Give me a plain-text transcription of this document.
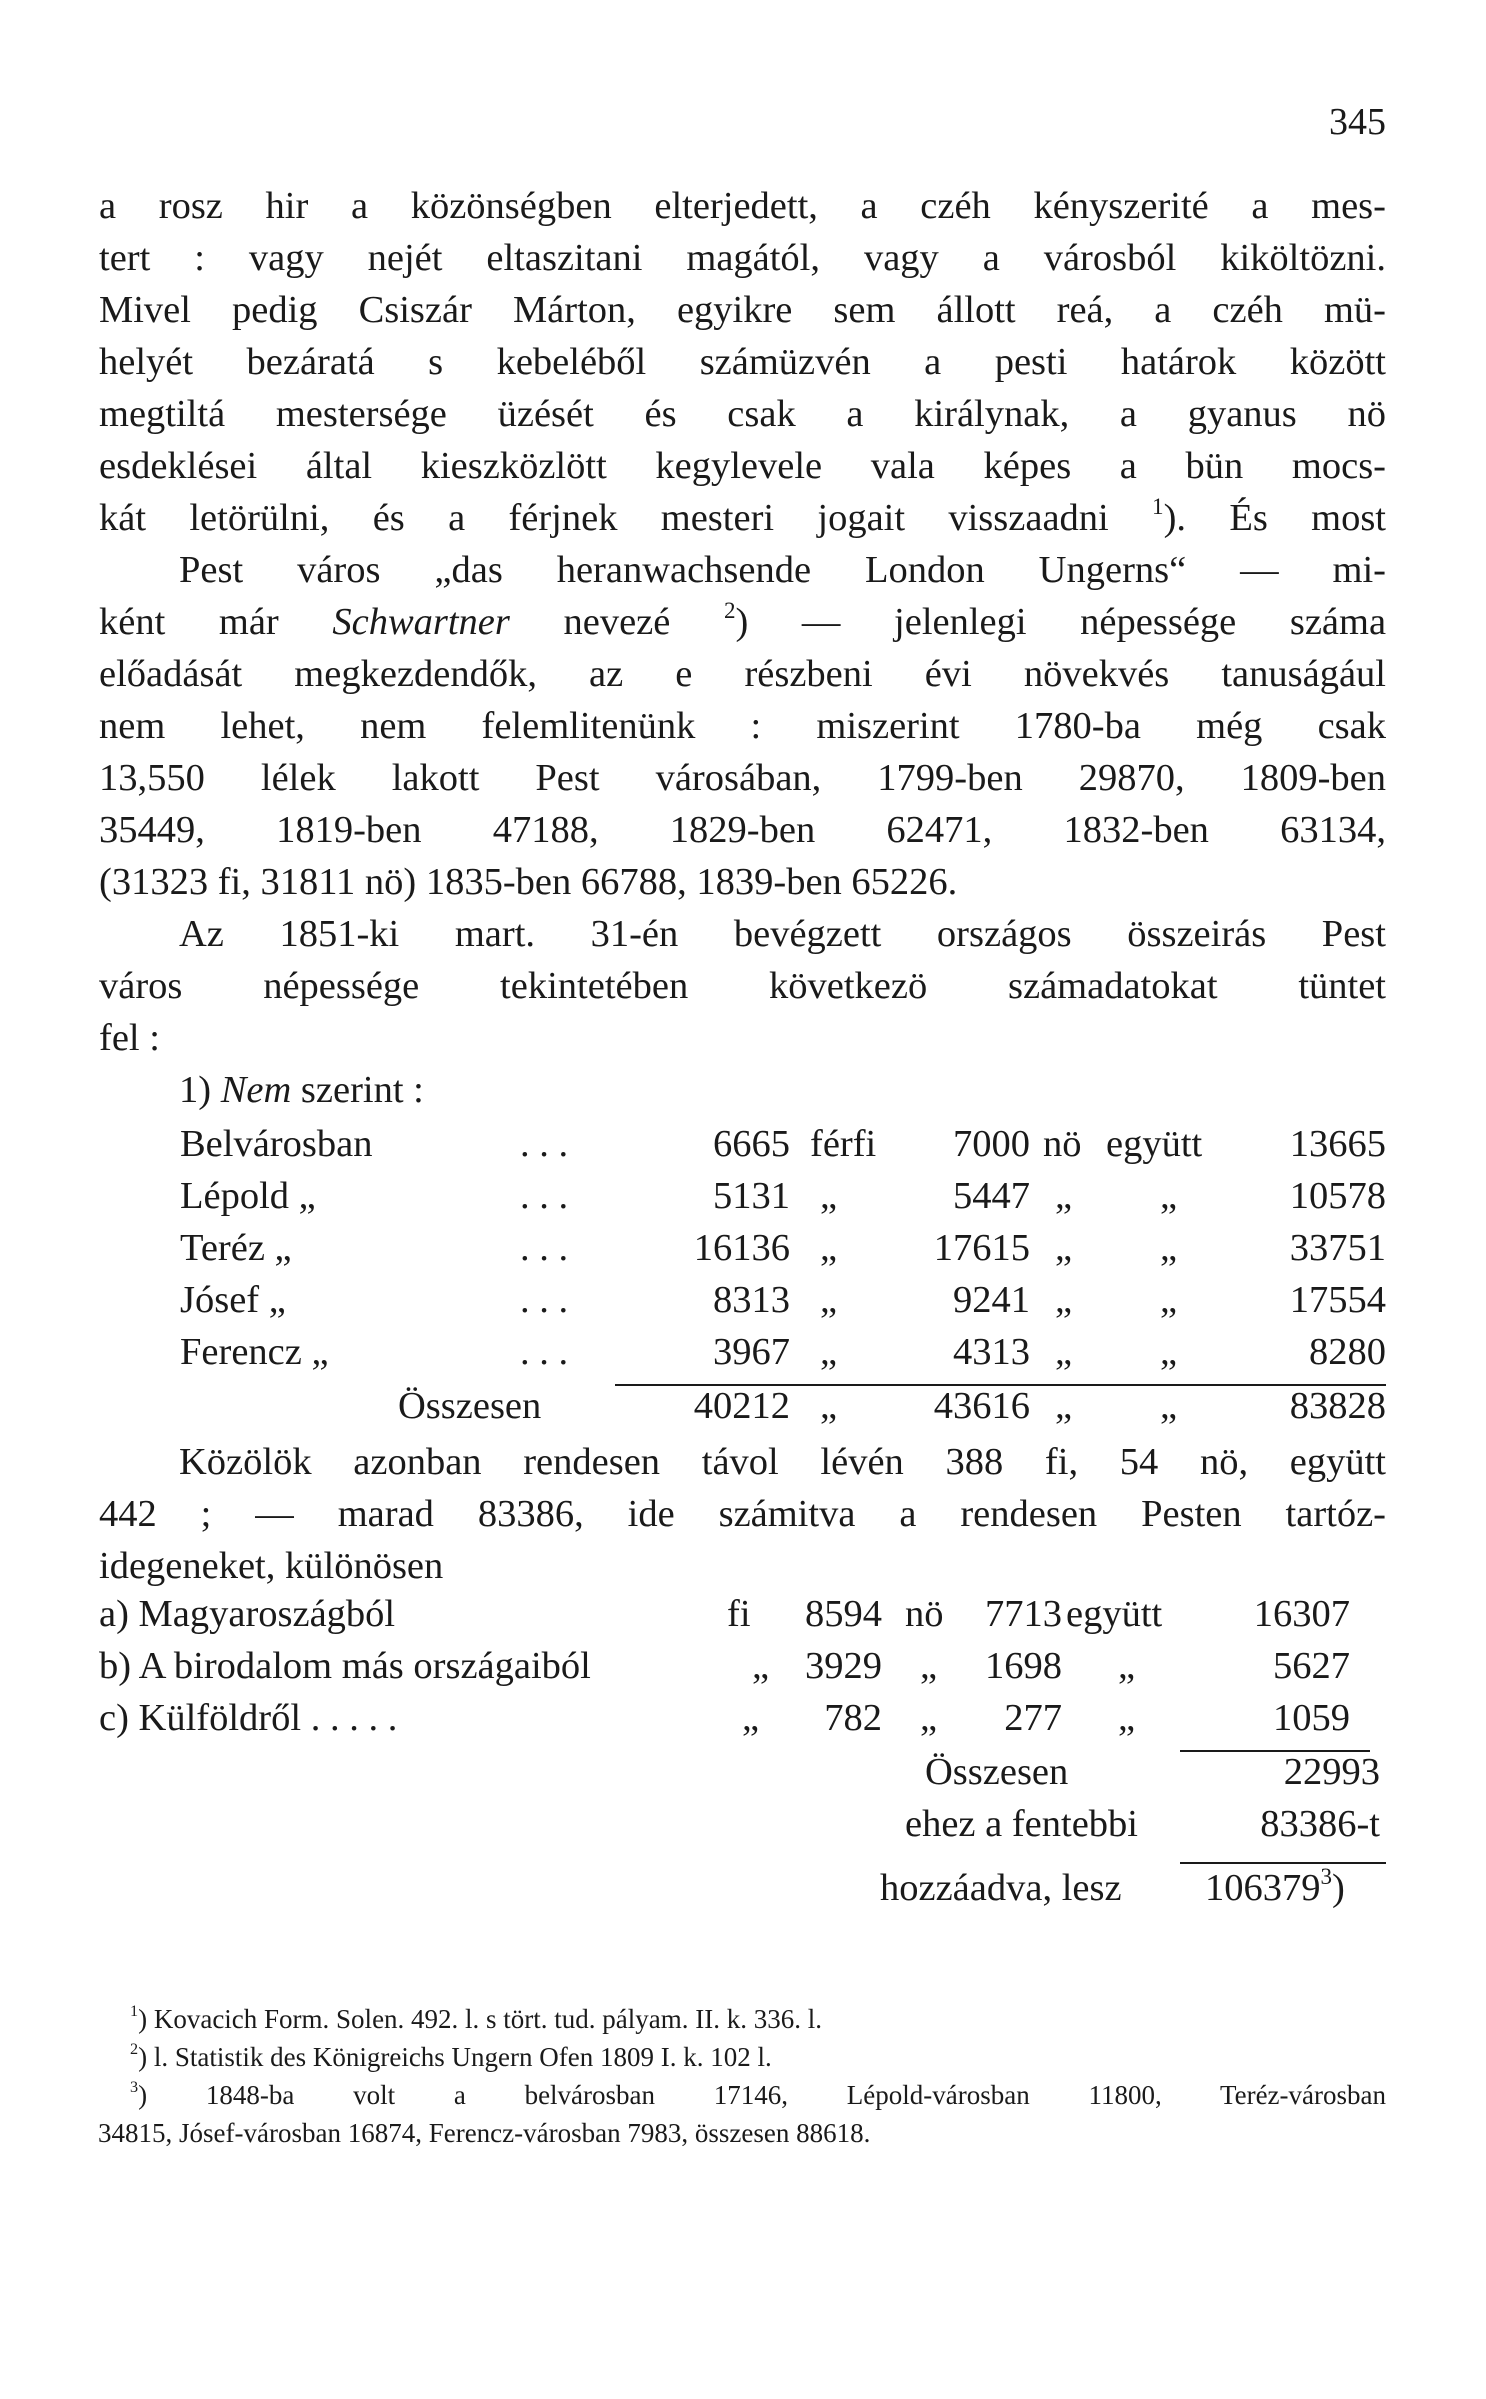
345
a rosz hir a közönségben elterjedett, a czéh kényszerité a mes-
tert : vagy nejét eltaszitani magától, vagy a városból kiköltözni.
Mivel pedig Csiszár Márton, egyikre sem állott reá, a czéh mü-
helyét bezáratá s kebeléből számüzvén a pesti határok között
megtiltá mestersége üzését és csak a királynak, a gyanus nö
esdeklései által kieszközlött kegylevele vala képes a bün mocs-
kát letörülni, és a férjnek mesteri jogait visszaadni $^1$). És most
Pest város „das heranwachsende London Ungerns“ — mi-
ként már Schwartner nevezé $^2$) — jelenlegi népessége száma
előadását megkezdendők, az e részbeni évi növekvés tanuságául
nem lehet, nem felemlitenünk : miszerint 1780-ba még csak
13,550 lélek lakott Pest városában, 1799-ben 29870, 1809-ben
35449, 1819-ben 47188, 1829-ben 62471, 1832-ben 63134,
(31323 fi, 31811 nö) 1835-ben 66788, 1839-ben 65226.
Az 1851-ki mart. 31-én bevégzett országos összeirás Pest
város népessége tekintetében következö számadatokat tüntet
fel :
1) Nem szerint :
Belvárosban	. . .	6665 férfi	7000 nö együtt	13665
Lépold „	. . .	5131 „	5447 „ „	10578
Teréz „	. . .	16136 „	17615 „ „	33751
Jósef „	. . .	8313 „	9241 „ „	17554
Ferencz „	. . .	3967 „	4313 „ „	8280
Összesen	40212 „	43616 „ „	83828
Közölök azonban rendesen távol lévén 388 fi, 54 nö, együtt
442 ; — marad 83386, ide számitva a rendesen Pesten tartóz-
idegeneket, különösen
a) Magyaroszágból	fi	8594 nö	7713 együtt	16307
b) A birodalom más országaiból	„ 3929 „	1698 „	5627
c) Külföldről . . . . .	„	782 „	277 „	1059
Összesen	22993
ehez a fentebbi	83386-t
hozzáadva, lesz 106379$^3$)
$^1$) Kovacich Form. Solen. 492. l. s tört. tud. pályam. II. k. 336. l.
$^2$) l. Statistik des Königreichs Ungern Ofen 1809 I. k. 102 l.
$^3$) 1848-ba volt a belvárosban 17146, Lépold-városban 11800, Teréz-városban
34815, Jósef-városban 16874, Ferencz-városban 7983, összesen 88618.
